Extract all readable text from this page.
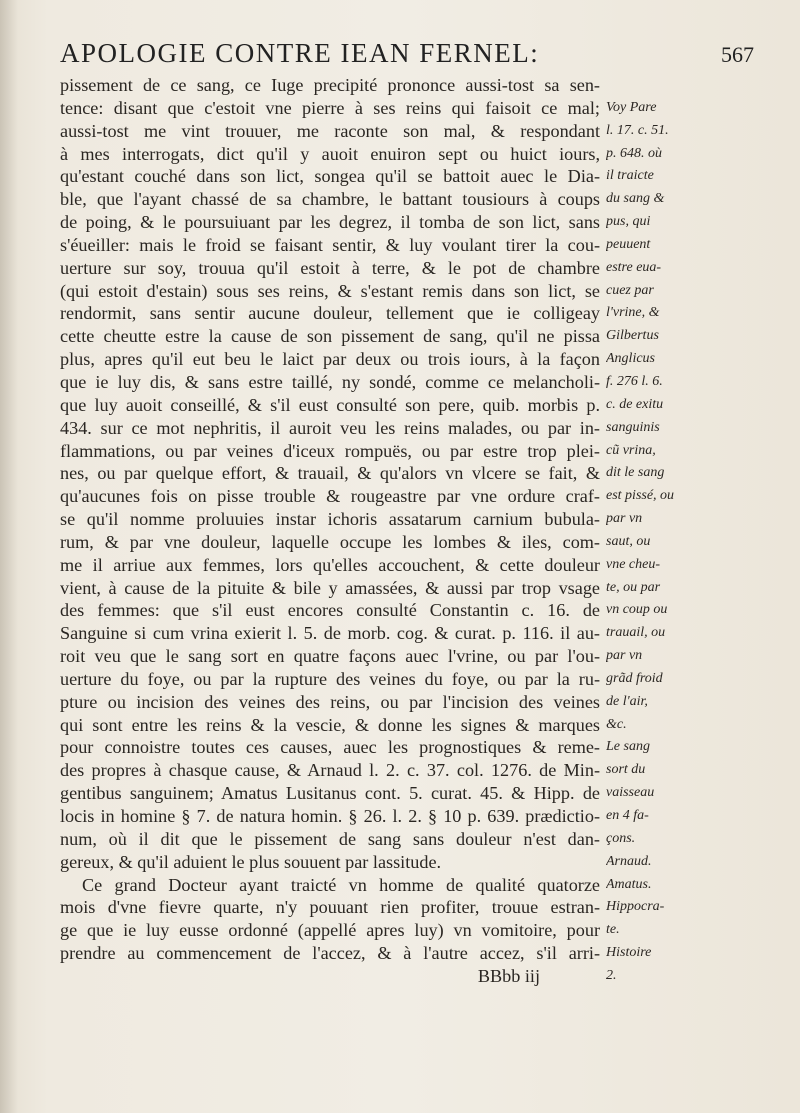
APOLOGIE CONTRE IEAN FERNEL:	567
pissement de ce sang, ce Iuge precipité prononce aussi-tost sa sen-
tence: disant que c'estoit vne pierre à ses reins qui faisoit ce mal;
aussi-tost me vint trouuer, me raconte son mal, & respondant
à mes interrogats, dict qu'il y auoit enuiron sept ou huict iours,
qu'estant couché dans son lict, songea qu'il se battoit auec le Dia-
ble, que l'ayant chassé de sa chambre, le battant tousiours à coups
de poing, & le poursuiuant par les degrez, il tomba de son lict, sans
s'éueiller: mais le froid se faisant sentir, & luy voulant tirer la cou-
uerture sur soy, trouua qu'il estoit à terre, & le pot de chambre
(qui estoit d'estain) sous ses reins, & s'estant remis dans son lict, se
rendormit, sans sentir aucune douleur, tellement que ie colligeay
cette cheutte estre la cause de son pissement de sang, qu'il ne pissa
plus, apres qu'il eut beu le laict par deux ou trois iours, à la façon
que ie luy dis, & sans estre taillé, ny sondé, comme ce melancholi-
que luy auoit conseillé, & s'il eust consulté son pere, quib. morbis p.
434. sur ce mot nephritis, il auroit veu les reins malades, ou par in-
flammations, ou par veines d'iceux rompuës, ou par estre trop plei-
nes, ou par quelque effort, & trauail, & qu'alors vn vlcere se fait, &
qu'aucunes fois on pisse trouble & rougeastre par vne ordure craf-
se qu'il nomme proluuies instar ichoris assatarum carnium bubula-
rum, & par vne douleur, laquelle occupe les lombes & iles, com-
me il arriue aux femmes, lors qu'elles accouchent, & cette douleur
vient, à cause de la pituite & bile y amassées, & aussi par trop vsage
des femmes: que s'il eust encores consulté Constantin c. 16. de
Sanguine si cum vrina exierit l. 5. de morb. cog. & curat. p. 116. il au-
roit veu que le sang sort en quatre façons auec l'vrine, ou par l'ou-
uerture du foye, ou par la rupture des veines du foye, ou par la ru-
pture ou incision des veines des reins, ou par l'incision des veines
qui sont entre les reins & la vescie, & donne les signes & marques
pour connoistre toutes ces causes, auec les prognostiques & reme-
des propres à chasque cause, & Arnaud l. 2. c. 37. col. 1276. de Min-
gentibus sanguinem; Amatus Lusitanus cont. 5. curat. 45. & Hipp. de
locis in homine § 7. de natura homin. § 26. l. 2. § 10 p. 639. prædictio-
num, où il dit que le pissement de sang sans douleur n'est dan-
gereux, & qu'il aduient le plus souuent par lassitude.
Ce grand Docteur ayant traicté vn homme de qualité quatorze
mois d'vne fievre quarte, n'y pouuant rien profiter, trouue estran-
ge que ie luy eusse ordonné (appellé apres luy) vn vomitoire, pour
prendre au commencement de l'accez, & à l'autre accez, s'il arri-
BBbb iij
Voy Pare
l. 17. c. 51.
p. 648. où
il traicte
du sang &
pus, qui
peuuent
estre eua-
cuez par
l'vrine, &
Gilbertus
Anglicus
f. 276 l. 6.
c. de exitu
sanguinis
cũ vrina,
dit le sang
est pissé, ou
par vn
saut, ou
vne cheu-
te, ou par
vn coup ou
trauail, ou
par vn
grãd froid
de l'air,
&c.
Le sang
sort du
vaisseau
en 4 fa-
çons.
Arnaud.
Amatus.
Hippocra-
te.
Histoire
2.
